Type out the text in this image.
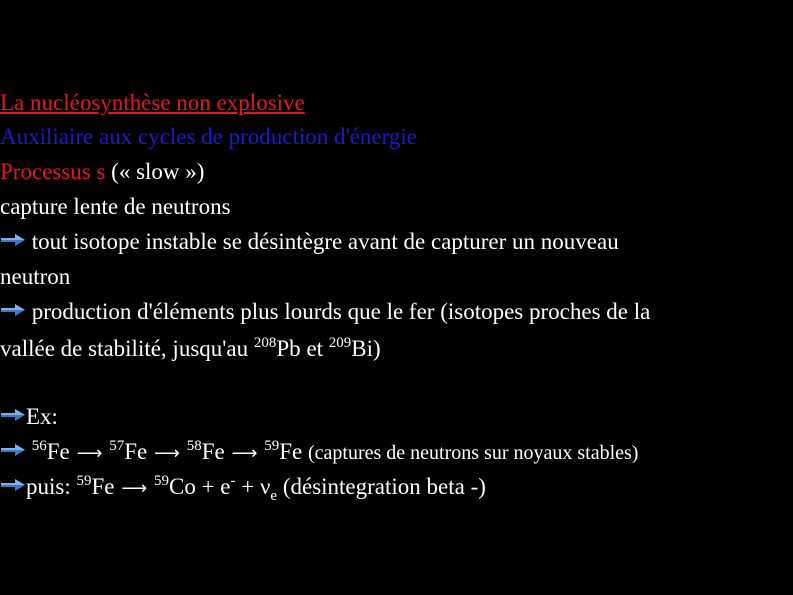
La nucléosynthèse non explosive
Auxiliaire aux cycles de production d'énergie
Processus s (« slow »)
capture lente de neutrons
tout isotope instable se désintègre avant de capturer un nouveau
neutron
production d'éléments plus lourds que le fer (isotopes proches de la
vallée de stabilité, jusqu'au $^{208}$Pb et $^{209}$Bi)
Ex:
$^{56}$Fe ⟶ $^{57}$Fe ⟶ $^{58}$Fe ⟶ $^{59}$Fe (captures de neutrons sur noyaux stables)
puis: $^{59}$Fe ⟶ $^{59}Co + e^- + \nu_e$ (désintegration beta -)
